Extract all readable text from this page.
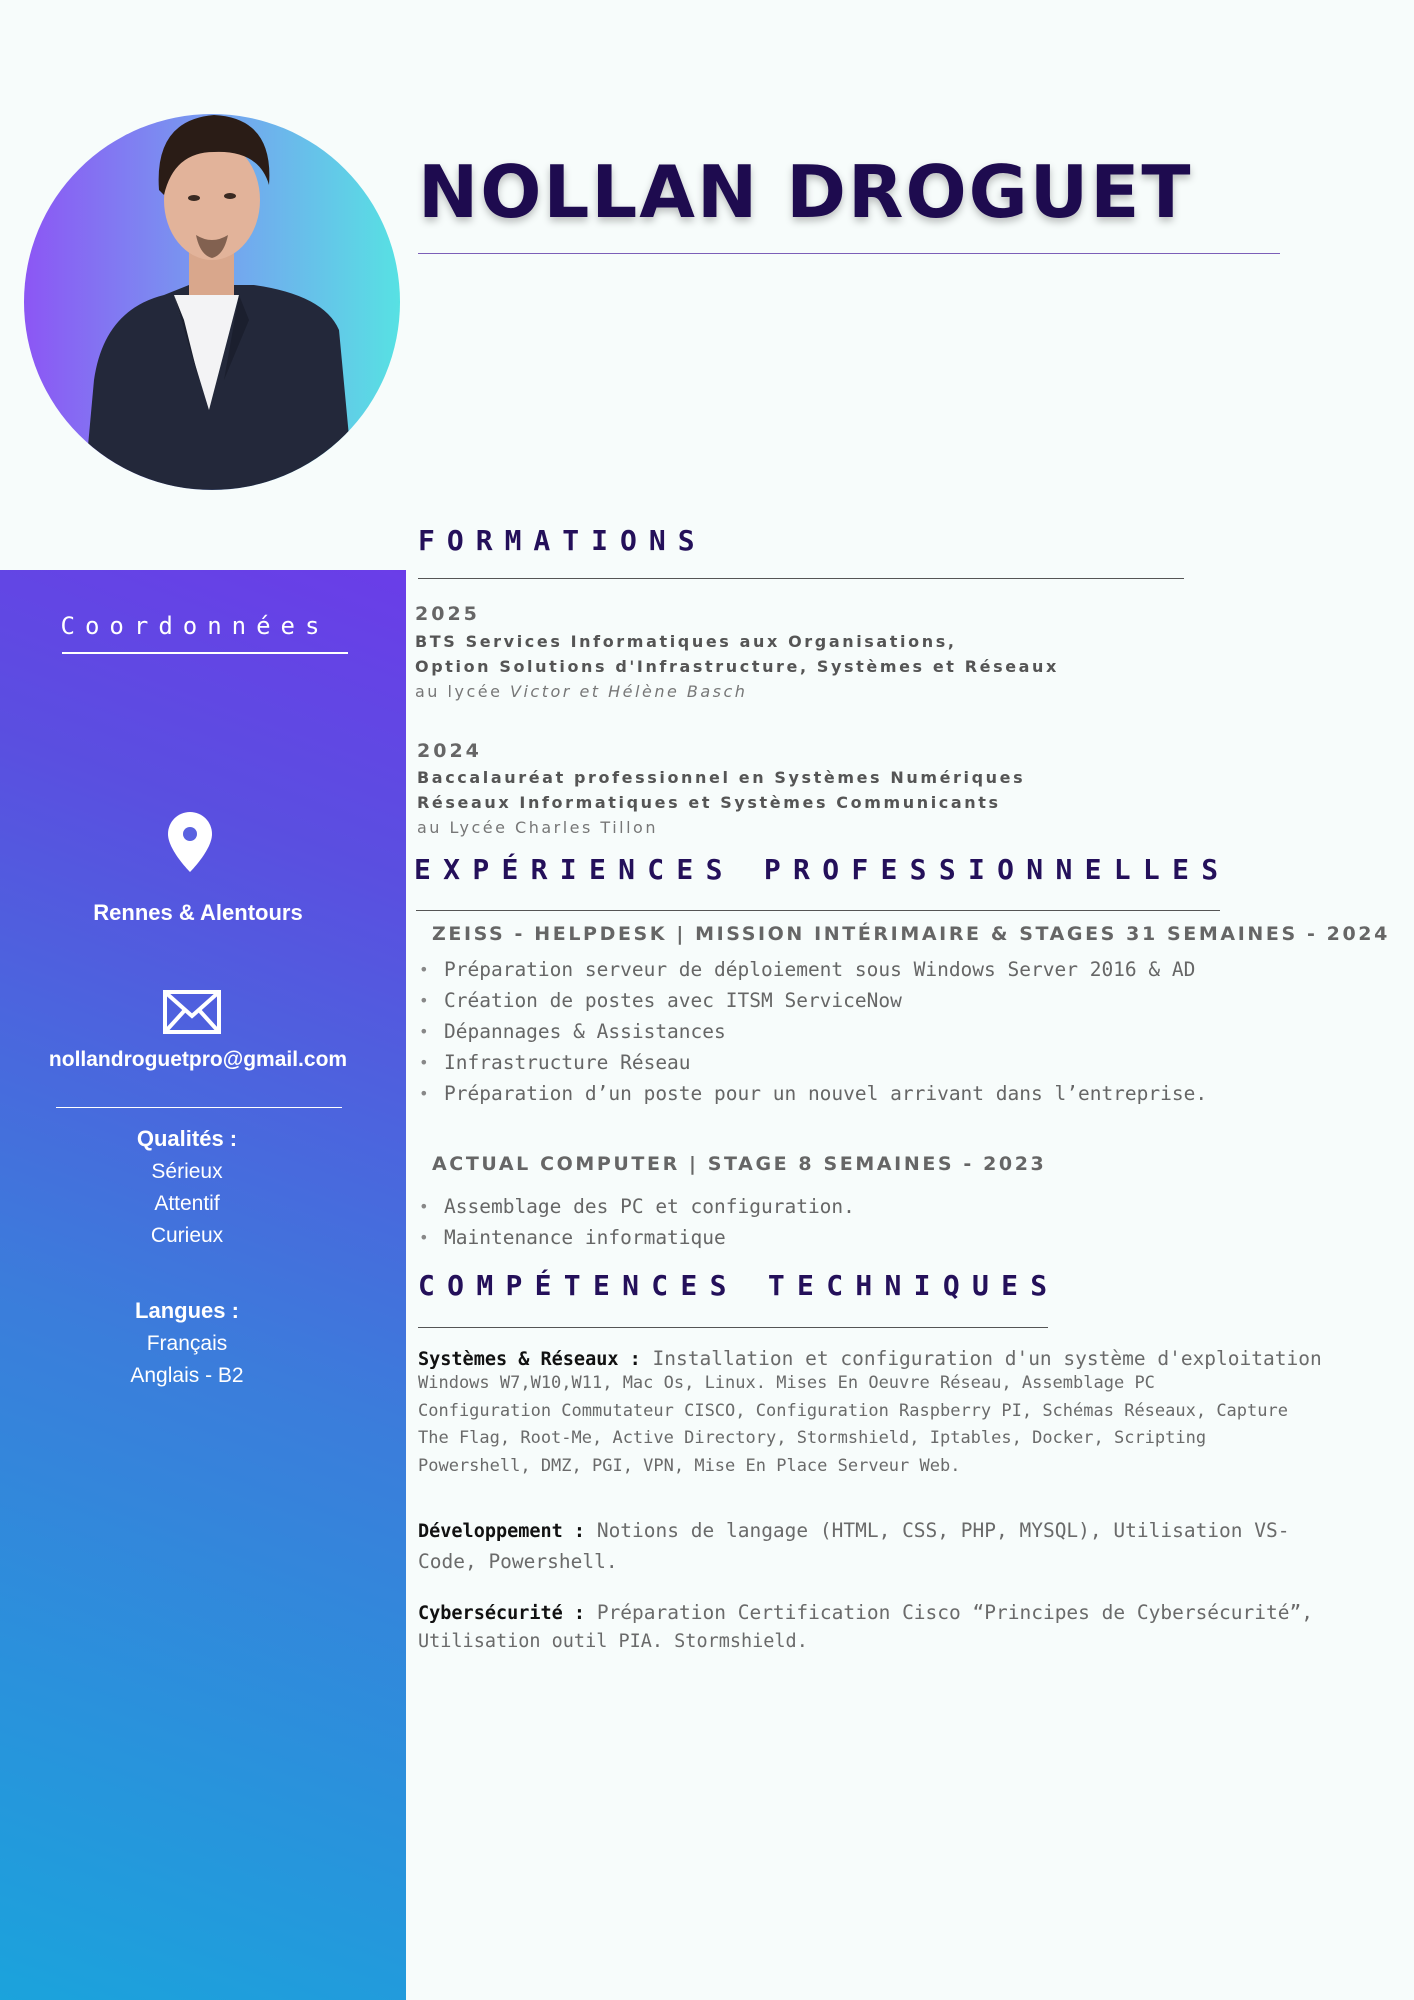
NOLLAN DROGUET
Coordonnées
Rennes & Alentours
nollandroguetpro@gmail.com
Qualités :
Sérieux
Attentif
Curieux
Langues :
Français
Anglais - B2
FORMATIONS
2025
BTS Services Informatiques aux Organisations,
Option Solutions d'Infrastructure, Systèmes et Réseaux
au lycée Victor et Hélène Basch
2024
Baccalauréat professionnel en Systèmes Numériques
Réseaux Informatiques et Systèmes Communicants
au Lycée Charles Tillon
EXPÉRIENCES PROFESSIONNELLES
ZEISS - HELPDESK | MISSION INTÉRIMAIRE & STAGES 31 SEMAINES - 2024
• Préparation serveur de déploiement sous Windows Server 2016 & AD
• Création de postes avec ITSM ServiceNow
• Dépannages & Assistances
• Infrastructure Réseau
• Préparation d’un poste pour un nouvel arrivant dans l’entreprise.
ACTUAL COMPUTER | STAGE 8 SEMAINES - 2023
• Assemblage des PC et configuration.
• Maintenance informatique
COMPÉTENCES TECHNIQUES
Systèmes & Réseaux : Installation et configuration d'un système d'exploitation
Windows W7,W10,W11, Mac Os, Linux. Mises En Oeuvre Réseau, Assemblage PC
Configuration Commutateur CISCO, Configuration Raspberry PI, Schémas Réseaux, Capture
The Flag, Root-Me, Active Directory, Stormshield, Iptables, Docker, Scripting
Powershell, DMZ, PGI, VPN, Mise En Place Serveur Web.
Développement : Notions de langage (HTML, CSS, PHP, MYSQL), Utilisation VS-
Code, Powershell.
Cybersécurité : Préparation Certification Cisco “Principes de Cybersécurité”,
Utilisation outil PIA. Stormshield.
